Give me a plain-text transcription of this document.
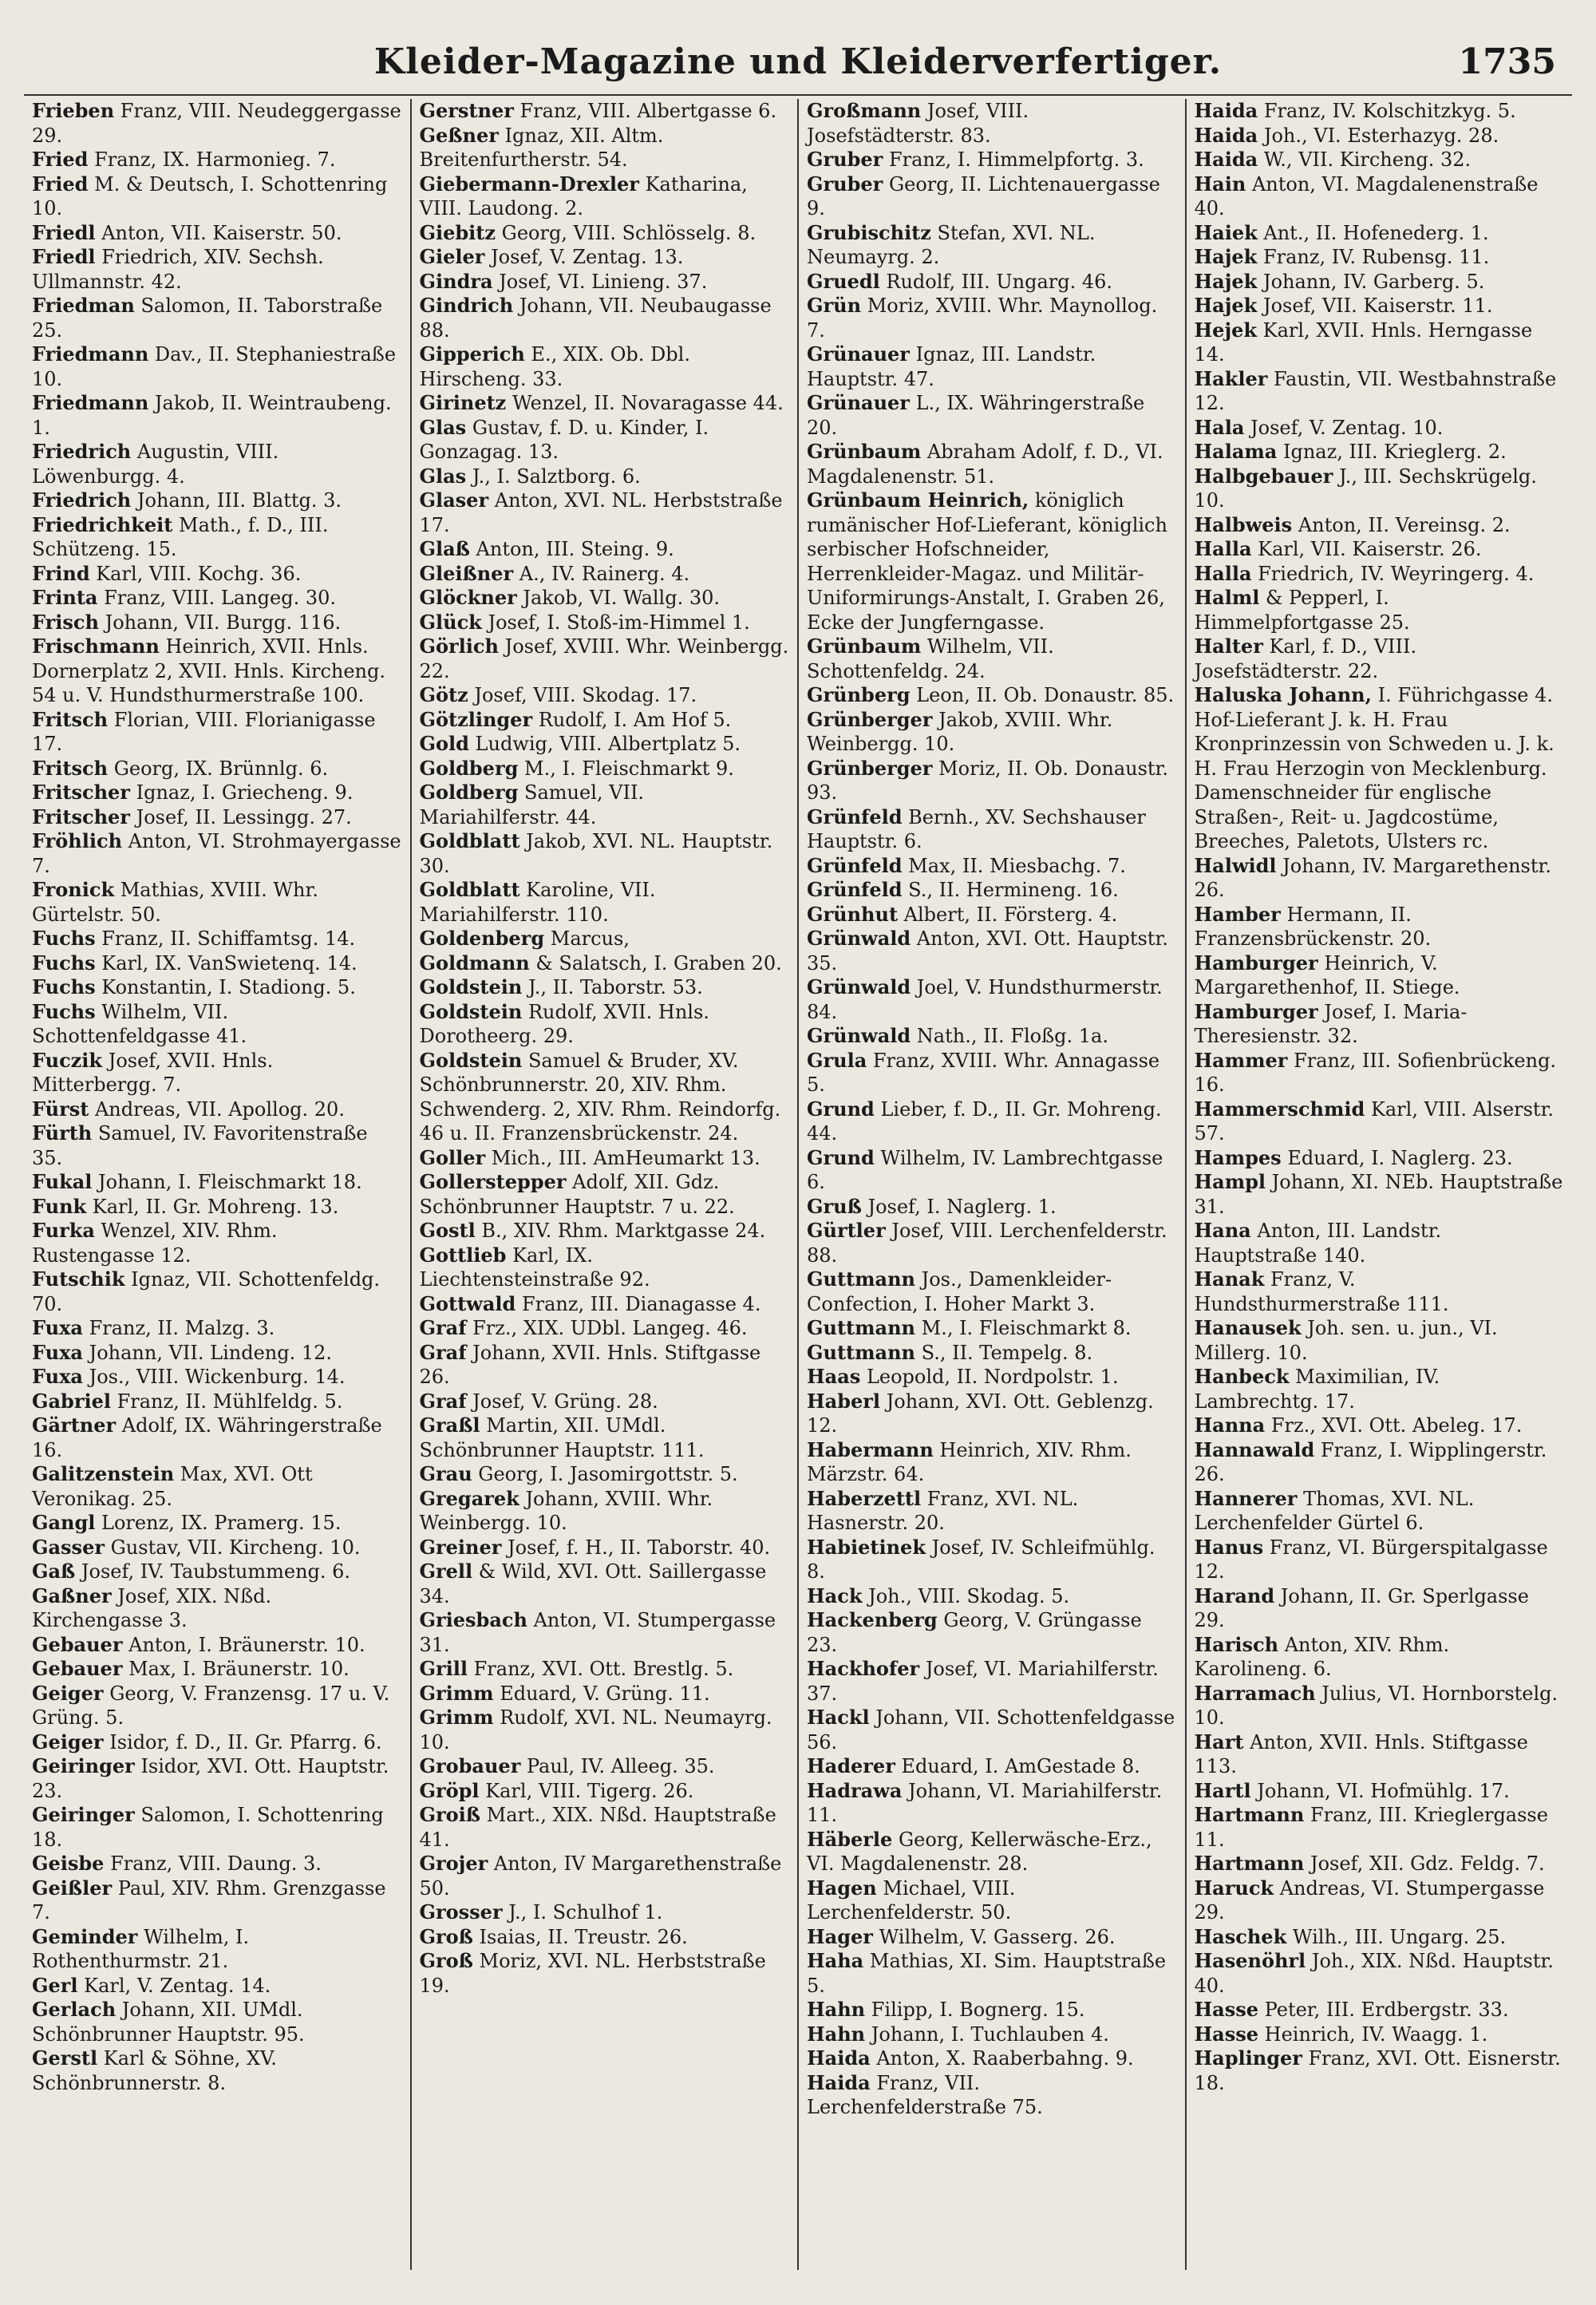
Kleider-Magazine und Kleiderverfertiger.	1735

Frieben Franz, VIII. Neudeggergasse 29.

Fried Franz, IX. Harmonieg. 7.

Fried M. & Deutsch, I. Schottenring 10.

Friedl Anton, VII. Kaiserstr. 50.

Friedl Friedrich, XIV. Sechsh. Ullmannstr. 42.

Friedman Salomon, II. Taborstraße 25.

Friedmann Dav., II. Stephaniestraße 10.

Friedmann Jakob, II. Weintraubeng. 1.

Friedrich Augustin, VIII. Löwenburgg. 4.

Friedrich Johann, III. Blattg. 3.

Friedrichkeit Math., f. D., III. Schützeng. 15.

Frind Karl, VIII. Kochg. 36.

Frinta Franz, VIII. Langeg. 30.

Frisch Johann, VII. Burgg. 116.

Frischmann Heinrich, XVII. Hnls. Dornerplatz 2, XVII. Hnls. Kircheng. 54 u. V. Hundsthurmerstraße 100.

Fritsch Florian, VIII. Florianigasse 17.

Fritsch Georg, IX. Brünnlg. 6.

Fritscher Ignaz, I. Griecheng. 9.

Fritscher Josef, II. Lessingg. 27.

Fröhlich Anton, VI. Strohmayergasse 7.

Fronick Mathias, XVIII. Whr. Gürtelstr. 50.

Fuchs Franz, II. Schiffamtsg. 14.

Fuchs Karl, IX. VanSwietenq. 14.

Fuchs Konstantin, I. Stadiong. 5.

Fuchs Wilhelm, VII. Schottenfeldgasse 41.

Fuczik Josef, XVII. Hnls. Mitterbergg. 7.

Fürst Andreas, VII. Apollog. 20.

Fürth Samuel, IV. Favoritenstraße 35.

Fukal Johann, I. Fleischmarkt 18.

Funk Karl, II. Gr. Mohreng. 13.

Furka Wenzel, XIV. Rhm. Rustengasse 12.

Futschik Ignaz, VII. Schottenfeldg. 70.

Fuxa Franz, II. Malzg. 3.

Fuxa Johann, VII. Lindeng. 12.

Fuxa Jos., VIII. Wickenburg. 14.

Gabriel Franz, II. Mühlfeldg. 5.

Gärtner Adolf, IX. Währingerstraße 16.

Galitzenstein Max, XVI. Ott Veronikag. 25.

Gangl Lorenz, IX. Pramerg. 15.

Gasser Gustav, VII. Kircheng. 10.

Gaß Josef, IV. Taubstummeng. 6.

Gaßner Josef, XIX. Nßd. Kirchengasse 3.

Gebauer Anton, I. Bräunerstr. 10.

Gebauer Max, I. Bräunerstr. 10.

Geiger Georg, V. Franzensg. 17 u. V. Grüng. 5.

Geiger Isidor, f. D., II. Gr. Pfarrg. 6.

Geiringer Isidor, XVI. Ott. Hauptstr. 23.

Geiringer Salomon, I. Schottenring 18.

Geisbe Franz, VIII. Daung. 3.

Geißler Paul, XIV. Rhm. Grenzgasse 7.

Geminder Wilhelm, I. Rothenthurmstr. 21.

Gerl Karl, V. Zentag. 14.

Gerlach Johann, XII. UMdl. Schönbrunner Hauptstr. 95.

Gerstl Karl & Söhne, XV. Schönbrunnerstr. 8.

Gerstner Franz, VIII. Albertgasse 6.

Geßner Ignaz, XII. Altm. Breitenfurtherstr. 54.

Giebermann-Drexler Katharina, VIII. Laudong. 2.

Giebitz Georg, VIII. Schlösselg. 8.

Gieler Josef, V. Zentag. 13.

Gindra Josef, VI. Linieng. 37.

Gindrich Johann, VII. Neubaugasse 88.

Gipperich E., XIX. Ob. Dbl. Hirscheng. 33.

Girinetz Wenzel, II. Novaragasse 44.

Glas Gustav, f. D. u. Kinder, I. Gonzagag. 13.

Glas J., I. Salztborg. 6.

Glaser Anton, XVI. NL. Herbststraße 17.

Glaß Anton, III. Steing. 9.

Gleißner A., IV. Rainerg. 4.

Glöckner Jakob, VI. Wallg. 30.

Glück Josef, I. Stoß-im-Himmel 1.

Görlich Josef, XVIII. Whr. Weinbergg. 22.

Götz Josef, VIII. Skodag. 17.

Götzlinger Rudolf, I. Am Hof 5.

Gold Ludwig, VIII. Albertplatz 5.

Goldberg M., I. Fleischmarkt 9.

Goldberg Samuel, VII. Mariahilferstr. 44.

Goldblatt Jakob, XVI. NL. Hauptstr. 30.

Goldblatt Karoline, VII. Mariahilferstr. 110.

Goldenberg Marcus,

Goldmann & Salatsch, I. Graben 20.

Goldstein J., II. Taborstr. 53.

Goldstein Rudolf, XVII. Hnls. Dorotheerg. 29.

Goldstein Samuel & Bruder, XV. Schönbrunnerstr. 20, XIV. Rhm. Schwenderg. 2, XIV. Rhm. Reindorfg. 46 u. II. Franzensbrückenstr. 24.

Goller Mich., III. AmHeumarkt 13.

Gollerstepper Adolf, XII. Gdz. Schönbrunner Hauptstr. 7 u. 22.

Gostl B., XIV. Rhm. Marktgasse 24.

Gottlieb Karl, IX. Liechtensteinstraße 92.

Gottwald Franz, III. Dianagasse 4.

Graf Frz., XIX. UDbl. Langeg. 46.

Graf Johann, XVII. Hnls. Stiftgasse 26.

Graf Josef, V. Grüng. 28.

Graßl Martin, XII. UMdl. Schönbrunner Hauptstr. 111.

Grau Georg, I. Jasomirgottstr. 5.

Gregarek Johann, XVIII. Whr. Weinbergg. 10.

Greiner Josef, f. H., II. Taborstr. 40.

Grell & Wild, XVI. Ott. Saillergasse 34.

Griesbach Anton, VI. Stumpergasse 31.

Grill Franz, XVI. Ott. Brestlg. 5.

Grimm Eduard, V. Grüng. 11.

Grimm Rudolf, XVI. NL. Neumayrg. 10.

Grobauer Paul, IV. Alleeg. 35.

Gröpl Karl, VIII. Tigerg. 26.

Groiß Mart., XIX. Nßd. Hauptstraße 41.

Grojer Anton, IV Margarethenstraße 50.

Grosser J., I. Schulhof 1.

Groß Isaias, II. Treustr. 26.

Groß Moriz, XVI. NL. Herbststraße 19.

Großmann Josef, VIII. Josefstädterstr. 83.

Gruber Franz, I. Himmelpfortg. 3.

Gruber Georg, II. Lichtenauergasse 9.

Grubischitz Stefan, XVI. NL. Neumayrg. 2.

Gruedl Rudolf, III. Ungarg. 46.

Grün Moriz, XVIII. Whr. Maynollog. 7.

Grünauer Ignaz, III. Landstr. Hauptstr. 47.

Grünauer L., IX. Währingerstraße 20.

Grünbaum Abraham Adolf, f. D., VI. Magdalenenstr. 51.

Grünbaum Heinrich, königlich rumänischer Hof-Lieferant, königlich serbischer Hofschneider, Herrenkleider-Magaz. und Militär-Uniformirungs-Anstalt, I. Graben 26, Ecke der Jungferngasse.

Grünbaum Wilhelm, VII. Schottenfeldg. 24.

Grünberg Leon, II. Ob. Donaustr. 85.

Grünberger Jakob, XVIII. Whr. Weinbergg. 10.

Grünberger Moriz, II. Ob. Donaustr. 93.

Grünfeld Bernh., XV. Sechshauser Hauptstr. 6.

Grünfeld Max, II. Miesbachg. 7.

Grünfeld S., II. Hermineng. 16.

Grünhut Albert, II. Försterg. 4.

Grünwald Anton, XVI. Ott. Hauptstr. 35.

Grünwald Joel, V. Hundsthurmerstr. 84.

Grünwald Nath., II. Floßg. 1a.

Grula Franz, XVIII. Whr. Annagasse 5.

Grund Lieber, f. D., II. Gr. Mohreng. 44.

Grund Wilhelm, IV. Lambrechtgasse 6.

Gruß Josef, I. Naglerg. 1.

Gürtler Josef, VIII. Lerchenfelderstr. 88.

Guttmann Jos., Damenkleider-Confection, I. Hoher Markt 3.

Guttmann M., I. Fleischmarkt 8.

Guttmann S., II. Tempelg. 8.

Haas Leopold, II. Nordpolstr. 1.

Haberl Johann, XVI. Ott. Geblenzg. 12.

Habermann Heinrich, XIV. Rhm. Märzstr. 64.

Haberzettl Franz, XVI. NL. Hasnerstr. 20.

Habietinek Josef, IV. Schleifmühlg. 8.

Hack Joh., VIII. Skodag. 5.

Hackenberg Georg, V. Grüngasse 23.

Hackhofer Josef, VI. Mariahilferstr. 37.

Hackl Johann, VII. Schottenfeldgasse 56.

Haderer Eduard, I. AmGestade 8.

Hadrawa Johann, VI. Mariahilferstr. 11.

Häberle Georg, Kellerwäsche-Erz., VI. Magdalenenstr. 28.

Hagen Michael, VIII. Lerchenfelderstr. 50.

Hager Wilhelm, V. Gasserg. 26.

Haha Mathias, XI. Sim. Hauptstraße 5.

Hahn Filipp, I. Bognerg. 15.

Hahn Johann, I. Tuchlauben 4.

Haida Anton, X. Raaberbahng. 9.

Haida Franz, VII. Lerchenfelderstraße 75.

Haida Franz, IV. Kolschitzkyg. 5.

Haida Joh., VI. Esterhazyg. 28.

Haida W., VII. Kircheng. 32.

Hain Anton, VI. Magdalenenstraße 40.

Haiek Ant., II. Hofenederg. 1.

Hajek Franz, IV. Rubensg. 11.

Hajek Johann, IV. Garberg. 5.

Hajek Josef, VII. Kaiserstr. 11.

Hejek Karl, XVII. Hnls. Herngasse 14.

Hakler Faustin, VII. Westbahnstraße 12.

Hala Josef, V. Zentag. 10.

Halama Ignaz, III. Krieglerg. 2.

Halbgebauer J., III. Sechskrügelg. 10.

Halbweis Anton, II. Vereinsg. 2.

Halla Karl, VII. Kaiserstr. 26.

Halla Friedrich, IV. Weyringerg. 4.

Halml & Pepperl, I. Himmelpfortgasse 25.

Halter Karl, f. D., VIII. Josefstädterstr. 22.

Haluska Johann, I. Führichgasse 4. Hof-Lieferant J. k. H. Frau Kronprinzessin von Schweden u. J. k. H. Frau Herzogin von Mecklenburg. Damenschneider für englische Straßen-, Reit- u. Jagdcostüme, Breeches, Paletots, Ulsters rc.

Halwidl Johann, IV. Margarethenstr. 26.

Hamber Hermann, II. Franzensbrückenstr. 20.

Hamburger Heinrich, V. Margarethenhof, II. Stiege.

Hamburger Josef, I. Maria-Theresienstr. 32.

Hammer Franz, III. Sofienbrückeng. 16.

Hammerschmid Karl, VIII. Alserstr. 57.

Hampes Eduard, I. Naglerg. 23.

Hampl Johann, XI. NEb. Hauptstraße 31.

Hana Anton, III. Landstr. Hauptstraße 140.

Hanak Franz, V. Hundsthurmerstraße 111.

Hanausek Joh. sen. u. jun., VI. Millerg. 10.

Hanbeck Maximilian, IV. Lambrechtg. 17.

Hanna Frz., XVI. Ott. Abeleg. 17.

Hannawald Franz, I. Wipplingerstr. 26.

Hannerer Thomas, XVI. NL. Lerchenfelder Gürtel 6.

Hanus Franz, VI. Bürgerspitalgasse 12.

Harand Johann, II. Gr. Sperlgasse 29.

Harisch Anton, XIV. Rhm. Karolineng. 6.

Harramach Julius, VI. Hornborstelg. 10.

Hart Anton, XVII. Hnls. Stiftgasse 113.

Hartl Johann, VI. Hofmühlg. 17.

Hartmann Franz, III. Krieglergasse 11.

Hartmann Josef, XII. Gdz. Feldg. 7.

Haruck Andreas, VI. Stumpergasse 29.

Haschek Wilh., III. Ungarg. 25.

Hasenöhrl Joh., XIX. Nßd. Hauptstr. 40.

Hasse Peter, III. Erdbergstr. 33.

Hasse Heinrich, IV. Waagg. 1.

Haplinger Franz, XVI. Ott. Eisnerstr. 18.
